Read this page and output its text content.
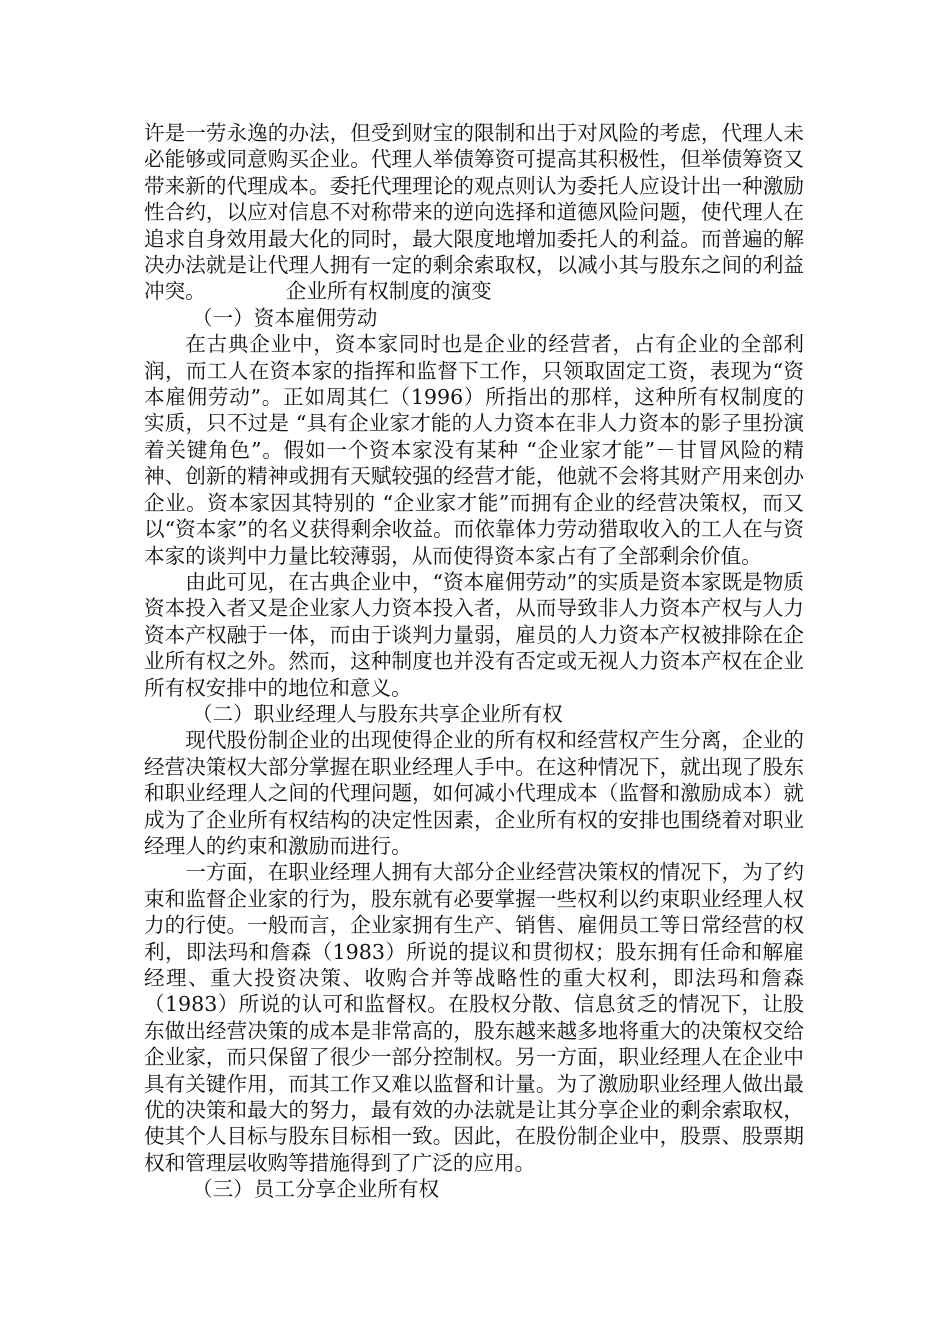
许是一劳永逸的办法，但受到财宝的限制和出于对风险的考虑，代理人未必能够或同意购买企业。代理人举债筹资可提高其积极性，但举债筹资又带来新的代理成本。委托代理理论的观点则认为委托人应设计出一种激励性合约，以应对信息不对称带来的逆向选择和道德风险问题，使代理人在追求自身效用最大化的同时，最大限度地增加委托人的利益。而普遍的解决办法就是让代理人拥有一定的剩余索取权，以减小其与股东之间的利益冲突。	企业所有权制度的演变

（一）资本雇佣劳动

在古典企业中，资本家同时也是企业的经营者，占有企业的全部利润，而工人在资本家的指挥和监督下工作，只领取固定工资，表现为“资本雇佣劳动”。正如周其仁（1996）所指出的那样，这种所有权制度的实质，只不过是 “具有企业家才能的人力资本在非人力资本的影子里扮演着关键角色”。假如一个资本家没有某种 “企业家才能”－甘冒风险的精神、创新的精神或拥有天赋较强的经营才能，他就不会将其财产用来创办企业。资本家因其特别的 “企业家才能”而拥有企业的经营决策权，而又以“资本家”的名义获得剩余收益。而依靠体力劳动猎取收入的工人在与资本家的谈判中力量比较薄弱，从而使得资本家占有了全部剩余价值。

由此可见，在古典企业中，“资本雇佣劳动”的实质是资本家既是物质资本投入者又是企业家人力资本投入者，从而导致非人力资本产权与人力资本产权融于一体，而由于谈判力量弱，雇员的人力资本产权被排除在企业所有权之外。然而，这种制度也并没有否定或无视人力资本产权在企业所有权安排中的地位和意义。

（二）职业经理人与股东共享企业所有权

现代股份制企业的出现使得企业的所有权和经营权产生分离，企业的经营决策权大部分掌握在职业经理人手中。在这种情况下，就出现了股东和职业经理人之间的代理问题，如何减小代理成本（监督和激励成本）就成为了企业所有权结构的决定性因素，企业所有权的安排也围绕着对职业经理人的约束和激励而进行。

一方面，在职业经理人拥有大部分企业经营决策权的情况下，为了约束和监督企业家的行为，股东就有必要掌握一些权利以约束职业经理人权力的行使。一般而言，企业家拥有生产、销售、雇佣员工等日常经营的权利，即法玛和詹森（1983）所说的提议和贯彻权；股东拥有任命和解雇经理、重大投资决策、收购合并等战略性的重大权利，即法玛和詹森（1983）所说的认可和监督权。在股权分散、信息贫乏的情况下，让股东做出经营决策的成本是非常高的，股东越来越多地将重大的决策权交给企业家，而只保留了很少一部分控制权。另一方面，职业经理人在企业中具有关键作用，而其工作又难以监督和计量。为了激励职业经理人做出最优的决策和最大的努力，最有效的办法就是让其分享企业的剩余索取权，使其个人目标与股东目标相一致。因此，在股份制企业中，股票、股票期权和管理层收购等措施得到了广泛的应用。

（三）员工分享企业所有权
